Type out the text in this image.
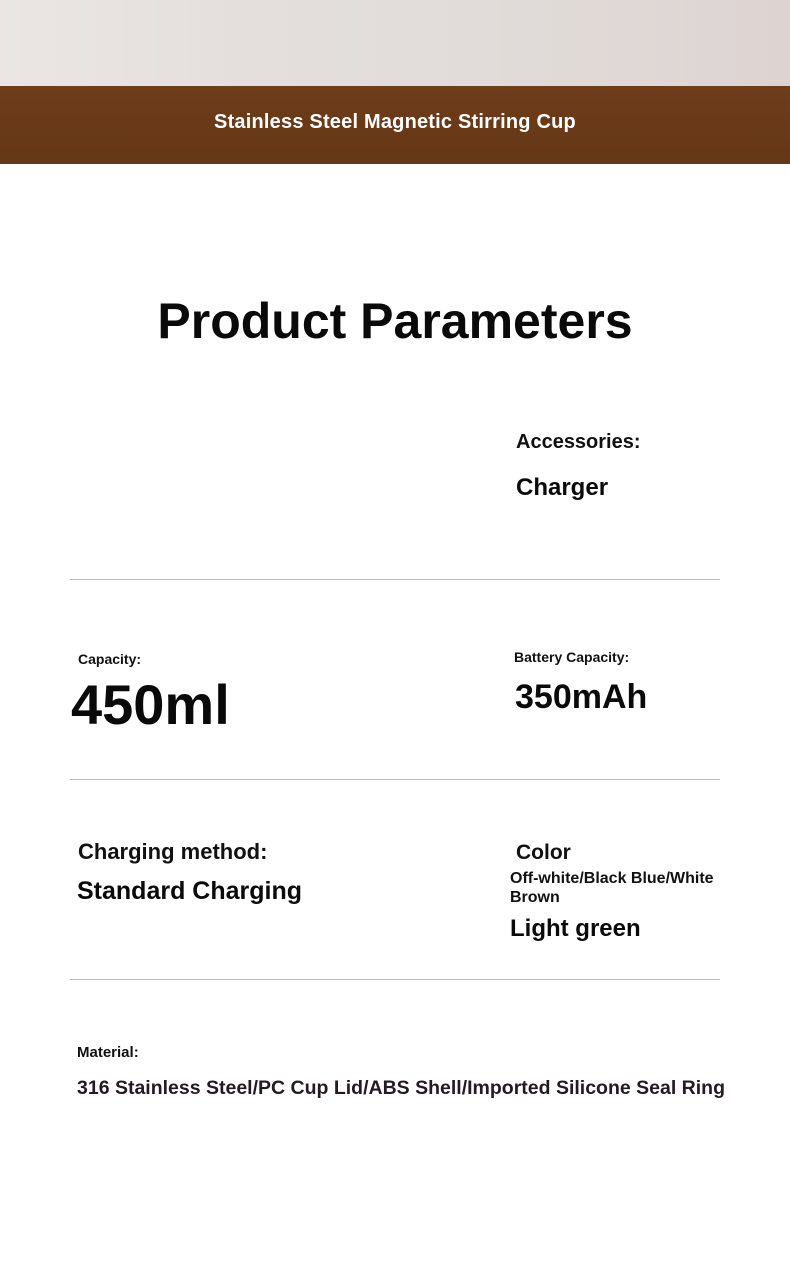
Stainless Steel Magnetic Stirring Cup
Product Parameters
Accessories:
Charger
Capacity:
450ml
Battery Capacity:
350mAh
Charging method:
Standard Charging
Color
Off-white/Black Blue/White
Brown
Light green
Material:
316 Stainless Steel/PC Cup Lid/ABS Shell/Imported Silicone Seal Ring
